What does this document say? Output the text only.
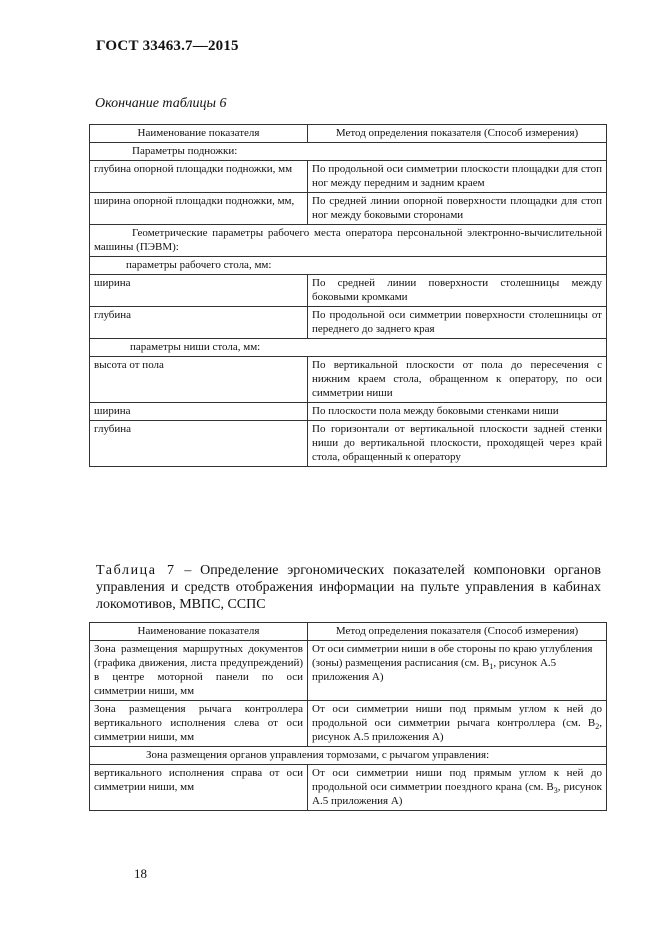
ГОСТ 33463.7—2015
Окончание таблицы 6
Наименование показателя	Метод определения показателя (Способ измерения)
Параметры подножки:	
глубина опорной площадки подножки, мм	По продольной оси симметрии плоскости площадки для стоп ног между передним и задним краем
ширина опорной площадки подножки, мм,	По средней линии опорной поверхности площадки для стоп ног между боковыми сторонами
Геометрические параметры рабочего места оператора персональной электронно-вычислительной машины (ПЭВМ):	
параметры рабочего стола, мм:	
ширина	По средней линии поверхности столешницы между боковыми кромками
глубина	По продольной оси симметрии поверхности столешницы от переднего до заднего края
параметры ниши стола, мм:	
высота от пола	По вертикальной плоскости от пола до пересечения с нижним краем стола, обращенном к оператору, по оси симметрии ниши
ширина	По плоскости пола между боковыми стенками ниши
глубина	По горизонтали от вертикальной плоскости задней стенки ниши до вертикальной плоскости, проходящей через край стола, обращенный к оператору
Таблица 7 – Определение эргономических показателей компоновки органов управления и средств отображения информации на пульте управления в кабинах локомотивов, МВПС, ССПС
Наименование показателя	Метод определения показателя (Способ измерения)
Зона размещения маршрутных документов (графика движения, листа предупреждений) в центре моторной панели по оси симметрии ниши, мм	От оси симметрии ниши в обе стороны по краю углубления (зоны) размещения расписания (см. $В_1$, рисунок А.5 приложения А)
Зона размещения рычага контроллера вертикального исполнения слева от оси симметрии ниши, мм	От оси симметрии ниши под прямым углом к ней до продольной оси симметрии рычага контроллера (см. $В_2$, рисунок А.5 приложения А)
Зона размещения органов управления тормозами, с рычагом управления:	
вертикального исполнения справа от оси симметрии ниши, мм	От оси симметрии ниши под прямым углом к ней до продольной оси симметрии поездного крана (см. $В_3$, рисунок А.5 приложения А)
18
